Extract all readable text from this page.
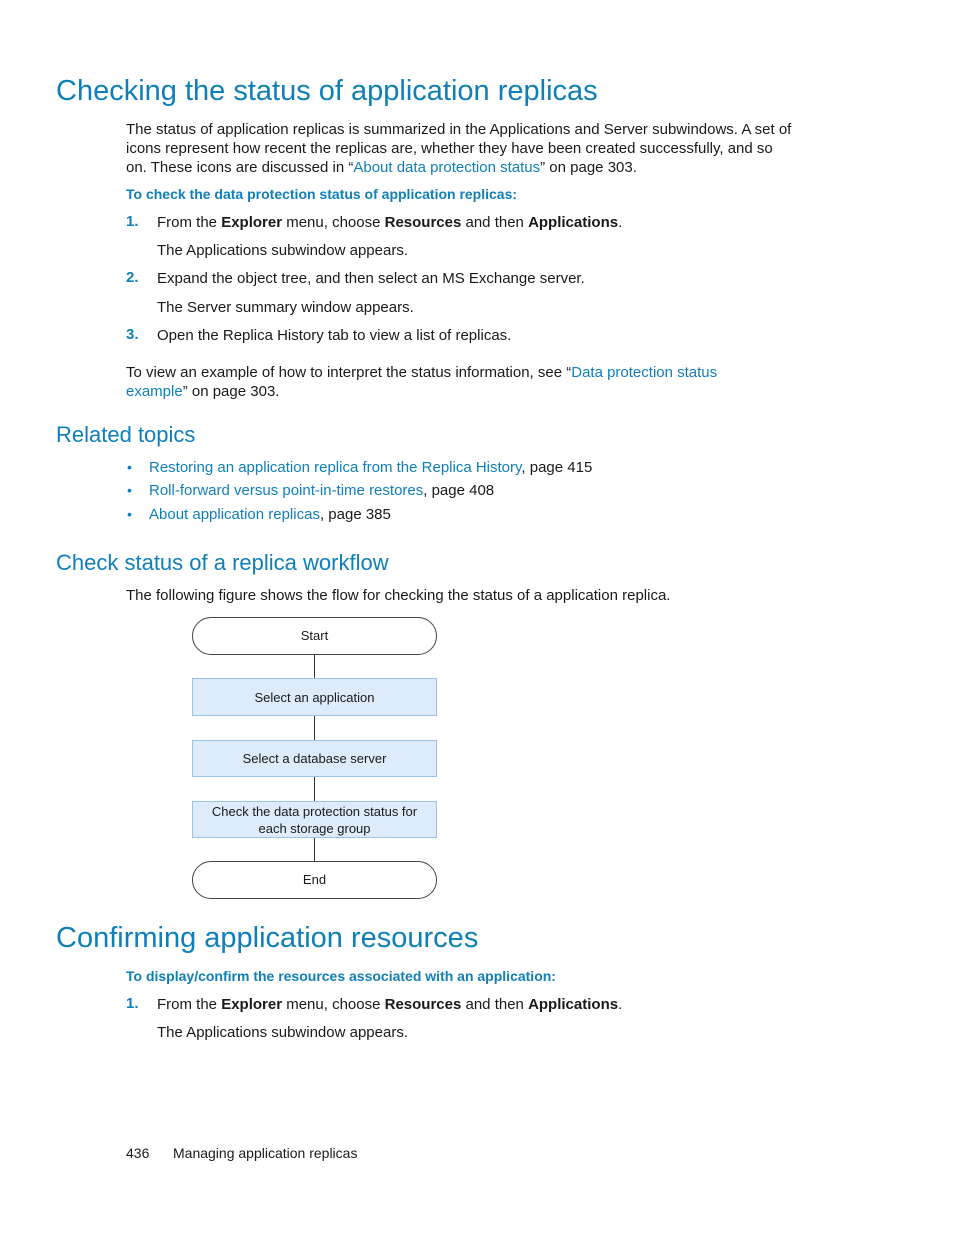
Checking the status of application replicas
The status of application replicas is summarized in the Applications and Server subwindows. A set of icons represent how recent the replicas are, whether they have been created successfully, and so on. These icons are discussed in “About data protection status” on page 303.
To check the data protection status of application replicas:
1. From the Explorer menu, choose Resources and then Applications.
The Applications subwindow appears.
2. Expand the object tree, and then select an MS Exchange server.
The Server summary window appears.
3. Open the Replica History tab to view a list of replicas.
To view an example of how to interpret the status information, see “Data protection status example” on page 303.
Related topics
• Restoring an application replica from the Replica History, page 415
• Roll-forward versus point-in-time restores, page 408
• About application replicas, page 385
Check status of a replica workflow
The following figure shows the flow for checking the status of a application replica.
Start
Select an application
Select a database server
Check the data protection status for each storage group
End
Confirming application resources
To display/confirm the resources associated with an application:
1. From the Explorer menu, choose Resources and then Applications.
The Applications subwindow appears.
436 Managing application replicas
